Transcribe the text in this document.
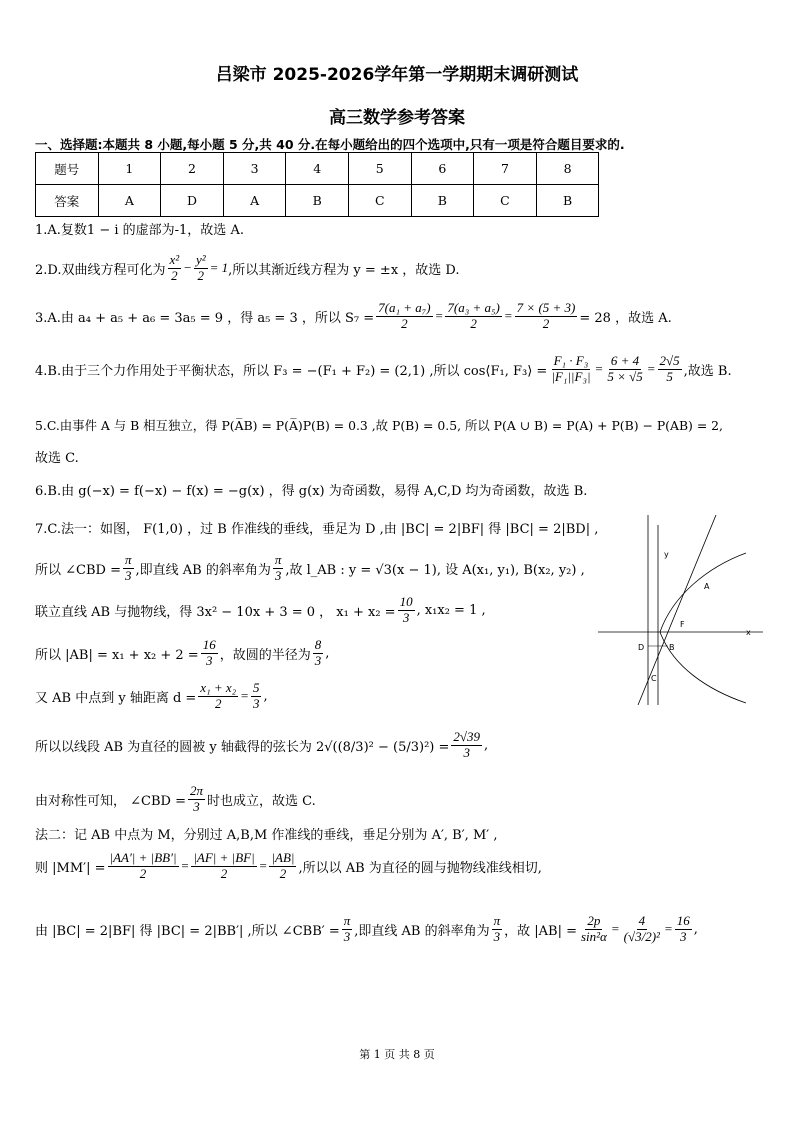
吕梁市 2025-2026学年第一学期期末调研测试
高三数学参考答案
一、选择题:本题共 8 小题,每小题 5 分,共 40 分.在每小题给出的四个选项中,只有一项是符合题目要求的.
题号	1	2	3	4	5	6	7	8
答案	A	D	A	B	C	B	C	B
1.A.复数1 − i 的虚部为-1，故选 A.
2.D.双曲线方程可化为
x²
$2 - \frac{\text{y²}}{2} = 1$ ,所以其渐近线方程为 y = ±x ，故选 D.
3.A.由 a₄ + a₅ + a₆ = 3a₅ = 9 ，得 a₅ = 3 ，所以 $S_7 = \frac{\text{7(a₁ + a₇)}}{2} = \frac{\text{7(a₃ + a₅)}}{2} = \frac{7 \times (5 + 3)}{2} = 28$ ，故选 A.
4.B.由于三个力作用处于平衡状态，所以 F₃ = −(F₁ + F₂) = (2,1) ,所以 cos⟨F₁, F₃⟩ = $\frac{\text{F₁ · F₃}}{\text{|F₁||F₃|}} = \frac{6 + 4}{5 \times √5} = \frac{2√5}{5}$ ,故选 B.
5.C.由事件 A 与 B 相互独立，得 P(A̅B) = P(A̅)P(B) = 0.3 ,故 P(B) = 0.5, 所以 P(A ∪ B) = P(A) + P(B) − P(AB) = 2,
故选 C.
6.B.由 g(−x) = f(−x) − f(x) = −g(x) ，得 g(x) 为奇函数，易得 A,C,D 均为奇函数，故选 B.
7.C.法一：如图， F(1,0) ，过 B 作准线的垂线，垂足为 D ,由 |BC| = 2|BF| 得 |BC| = 2|BD| ,
所以 ∠CBD = $\frac{\pi}{3}$ ,即直线 AB 的斜率角为
π
3 ,故 l_AB : y = √3(x − 1), 设 A(x₁, y₁), B(x₂, y₂) ,
联立直线 AB 与抛物线，得 3x² − 10x + 3 = 0 ， $x_1 + x_2 = \frac{10}{3}$ , x₁x₂ = 1 ,
所以 $|AB| = x_1 + x_2 + 2 = \frac{16}{3}$ ，故圆的半径为
8
3 ,
又 AB 中点到 y 轴距离 $d = \frac{\text{x₁ + x₂}}{2} = \frac{5}{3}$ ,
所以以线段 AB 为直径的圆被 y 轴截得的弦长为 $2√((8/3)^2 - (5/3)^2) = \frac{2√39}{3}$ ,
由对称性可知， ∠CBD = $\frac{2\pi}{3}$ 时也成立，故选 C.
法二：记 AB 中点为 M，分别过 A,B,M 作准线的垂线，垂足分别为 A′, B′, M′ ,
则 $|MM'| = \frac{|AA'| + |BB'|}{2} = \frac{|AF| + |BF|}{2} = \frac{|AB|}{2}$ ,所以以 AB 为直径的圆与抛物线准线相切,
由 |BC| = 2|BF| 得 |BC| = 2|BB′| ,所以 ∠CBB′ = $\frac{\pi}{3}$ ,即直线 AB 的斜率角为
π
3 ，故 $|AB| = \frac{2p}{\text{sin²α}} = \frac{4}{\text{(√3/2)²}} = \frac{16}{3}$ ,
y
x
A
F
D	B
C
第 1 页 共 8 页
